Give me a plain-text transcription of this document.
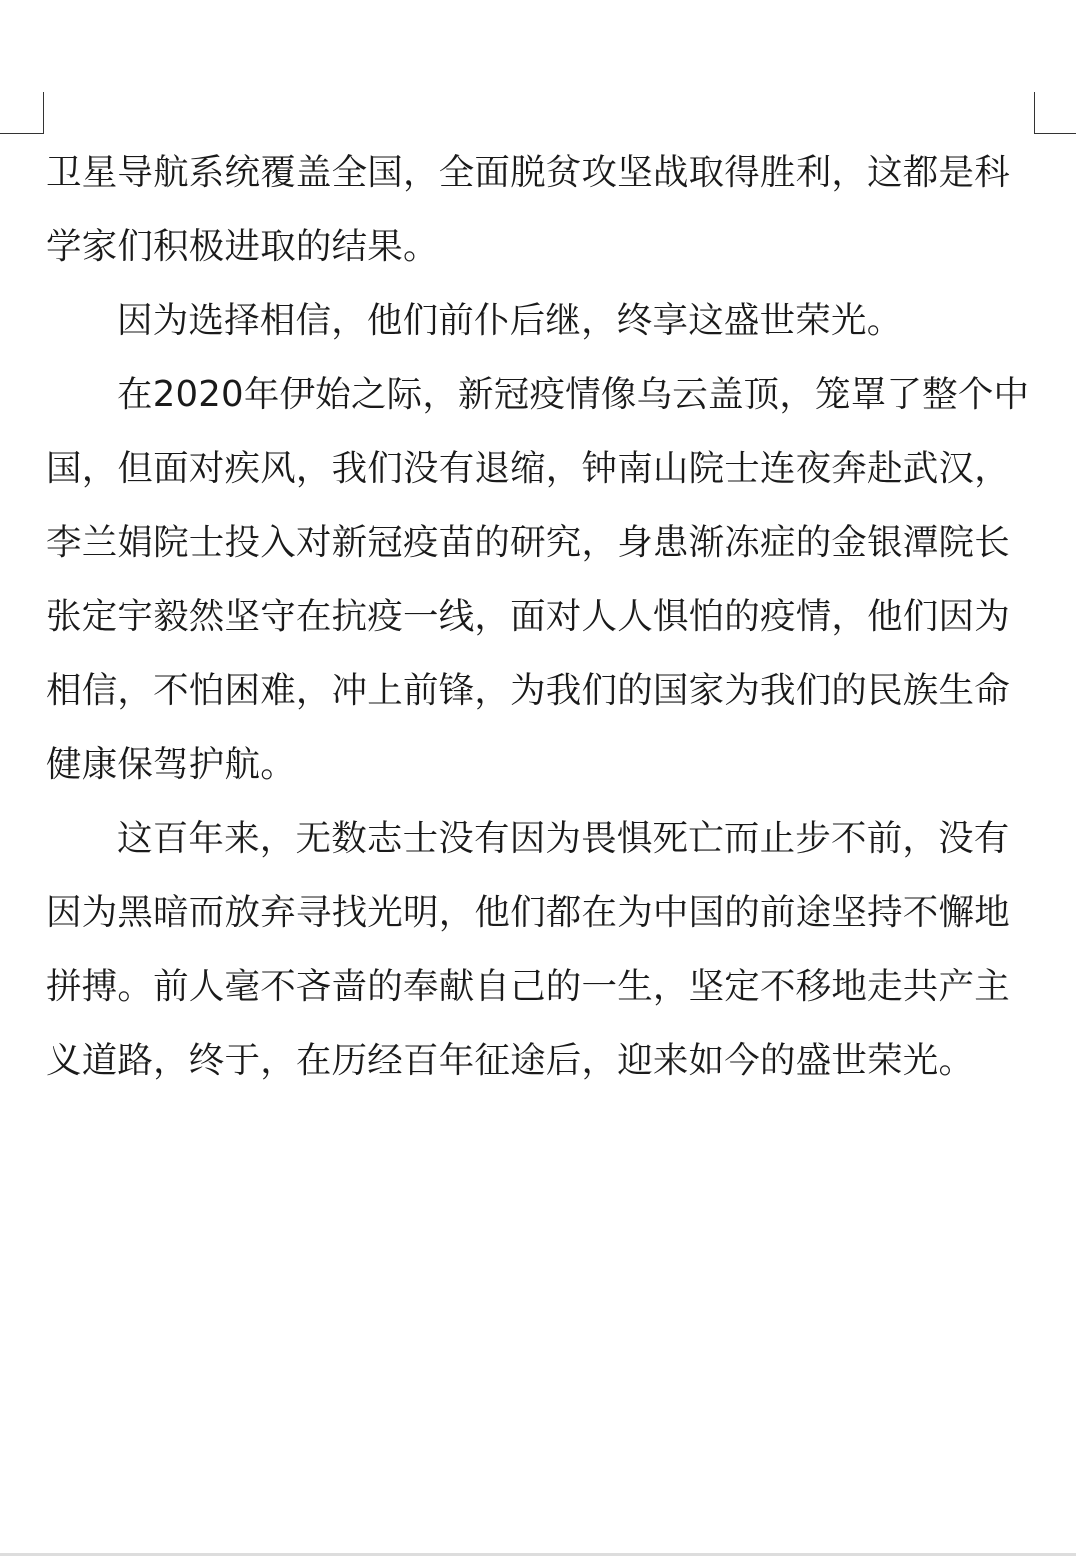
卫星导航系统覆盖全国，全面脱贫攻坚战取得胜利，这都是科
学家们积极进取的结果。

因为选择相信，他们前仆后继，终享这盛世荣光。

在2020年伊始之际，新冠疫情像乌云盖顶，笼罩了整个中
国，但面对疾风，我们没有退缩，钟南山院士连夜奔赴武汉，
李兰娟院士投入对新冠疫苗的研究，身患渐冻症的金银潭院长
张定宇毅然坚守在抗疫一线，面对人人惧怕的疫情，他们因为
相信，不怕困难，冲上前锋，为我们的国家为我们的民族生命
健康保驾护航。

这百年来，无数志士没有因为畏惧死亡而止步不前，没有
因为黑暗而放弃寻找光明，他们都在为中国的前途坚持不懈地
拼搏。前人毫不吝啬的奉献自己的一生，坚定不移地走共产主
义道路，终于，在历经百年征途后，迎来如今的盛世荣光。
